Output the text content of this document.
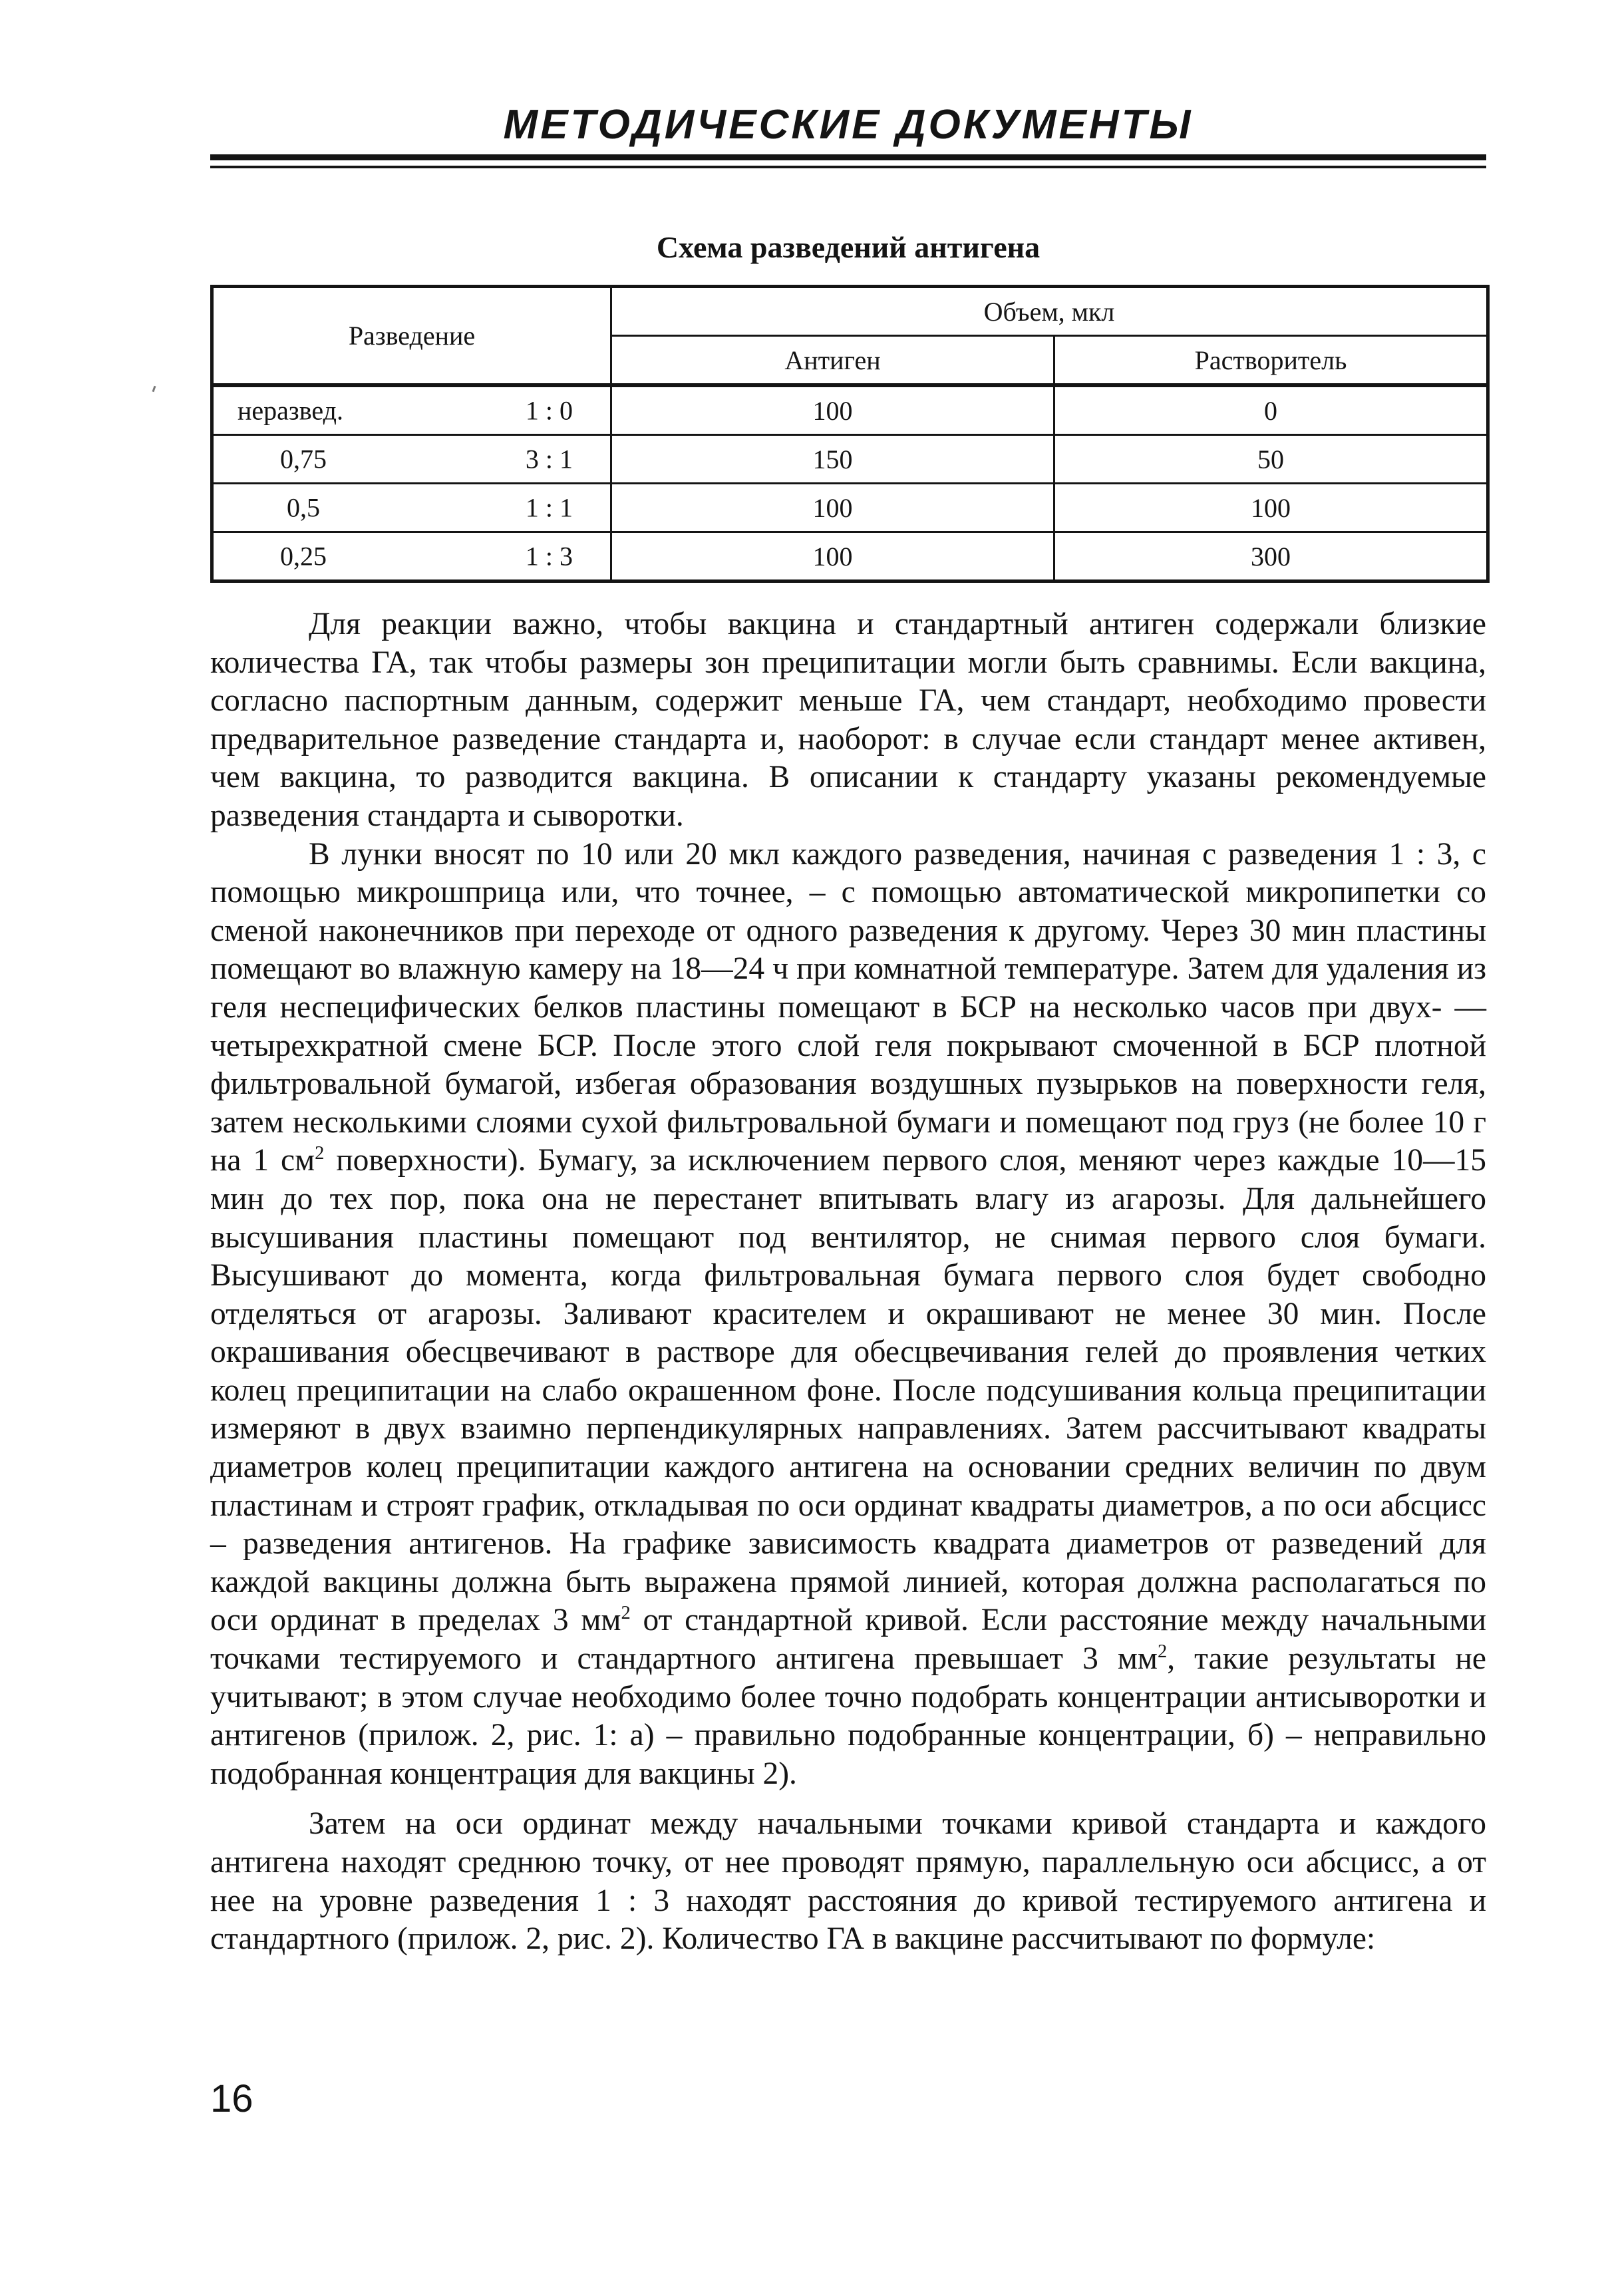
МЕТОДИЧЕСКИЕ ДОКУМЕНТЫ
Схема разведений антигена
Разведение	Объем, мкл	
	Антиген	Растворитель

неразвед. 1 : 0	100	0

0,75 3 : 1	150	50

0,5 1 : 1	100	100

0,25 1 : 3	100	300

Для реакции важно, чтобы вакцина и стандартный антиген содержали близкие количества ГА, так чтобы размеры зон преципитации могли быть сравнимы. Если вакцина, согласно паспортным данным, содержит меньше ГА, чем стандарт, необходимо провести предварительное разведение стандарта и, наоборот: в случае если стандарт менее активен, чем вакцина, то разводится вакцина. В описании к стандарту указаны рекомендуемые разведения стандарта и сыворотки.

В лунки вносят по 10 или 20 мкл каждого разведения, начиная с разведения 1 : 3, с помощью микрошприца или, что точнее, – с помощью автоматической микропипетки со сменой наконечников при переходе от одного разведения к другому. Через 30 мин пластины помещают во влажную камеру на 18—24 ч при комнатной температуре. Затем для удаления из геля неспецифических белков пластины помещают в БСР на несколько часов при двух- —четырехкратной смене БСР. После этого слой геля покрывают смоченной в БСР плотной фильтровальной бумагой, избегая образования воздушных пузырьков на поверхности геля, затем несколькими слоями сухой фильтровальной бумаги и помещают под груз (не более 10 г на 1 $см^2$ поверхности). Бумагу, за исключением первого слоя, меняют через каждые 10—15 мин до тех пор, пока она не перестанет впитывать влагу из агарозы. Для дальнейшего высушивания пластины помещают под вентилятор, не снимая первого слоя бумаги. Высушивают до момента, когда фильтровальная бумага первого слоя будет свободно отделяться от агарозы. Заливают красителем и окрашивают не менее 30 мин. После окрашивания обесцвечивают в растворе для обесцвечивания гелей до проявления четких колец преципитации на слабо окрашенном фоне. После подсушивания кольца преципитации измеряют в двух взаимно перпендикулярных направлениях. Затем рассчитывают квадраты диаметров колец преципитации каждого антигена на основании средних величин по двум пластинам и строят график, откладывая по оси ординат квадраты диаметров, а по оси абсцисс – разведения антигенов. На графике зависимость квадрата диаметров от разведений для каждой вакцины должна быть выражена прямой линией, которая должна располагаться по оси ординат в пределах 3 $мм^2$ от стандартной кривой. Если расстояние между начальными точками тестируемого и стандартного антигена превышает 3 $мм^2$, такие результаты не учитывают; в этом случае необходимо более точно подобрать концентрации антисыворотки и антигенов (прилож. 2, рис. 1: а) – правильно подобранные концентрации, б) – неправильно подобранная концентрация для вакцины 2).

Затем на оси ординат между начальными точками кривой стандарта и каждого антигена находят среднюю точку, от нее проводят прямую, параллельную оси абсцисс, а от нее на уровне разведения 1 : 3 находят расстояния до кривой тестируемого антигена и стандартного (прилож. 2, рис. 2). Количество ГА в вакцине рассчитывают по формуле:

16
